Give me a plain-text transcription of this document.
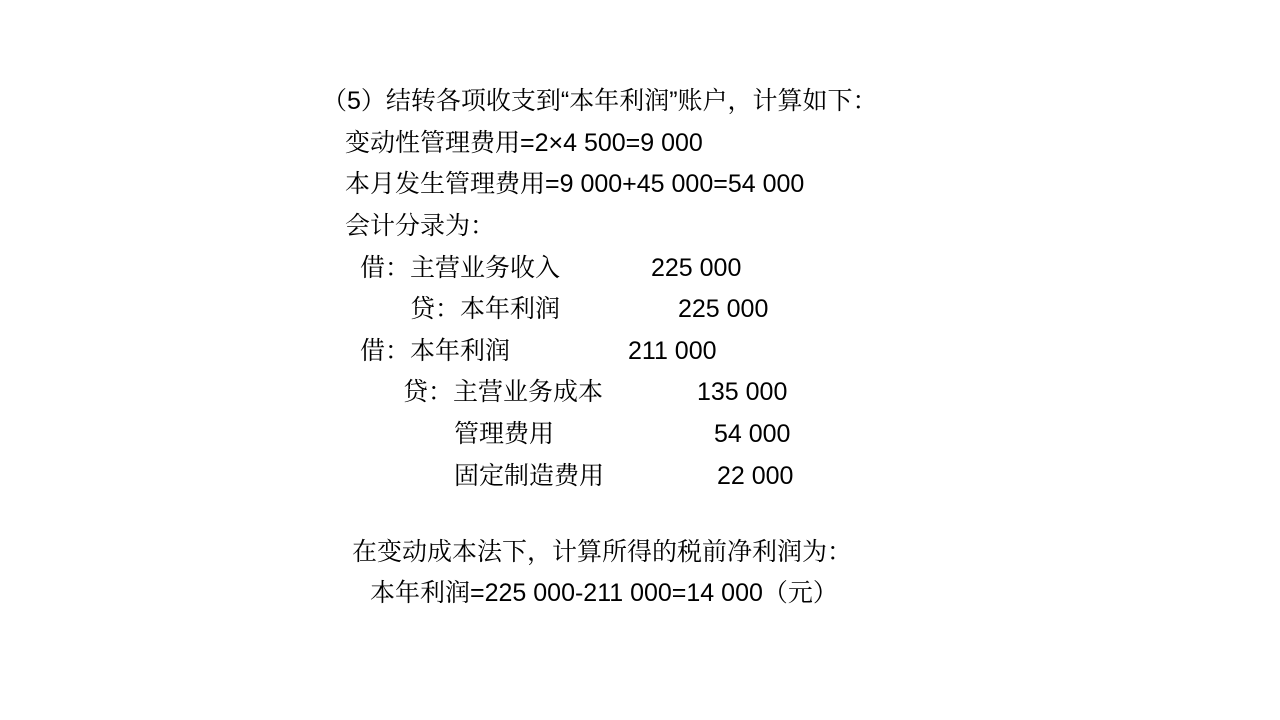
（5）结转各项收支到“本年利润”账户，计算如下：
变动性管理费用=2×4 500=9 000
本月发生管理费用=9 000+45 000=54 000
会计分录为：
借：主营业务收入	225 000
贷：本年利润	225 000
借：本年利润	211 000
贷：主营业务成本	135 000
管理费用	54 000
固定制造费用	22 000
在变动成本法下，计算所得的税前净利润为：
本年利润=225 000-211 000=14 000（元）
